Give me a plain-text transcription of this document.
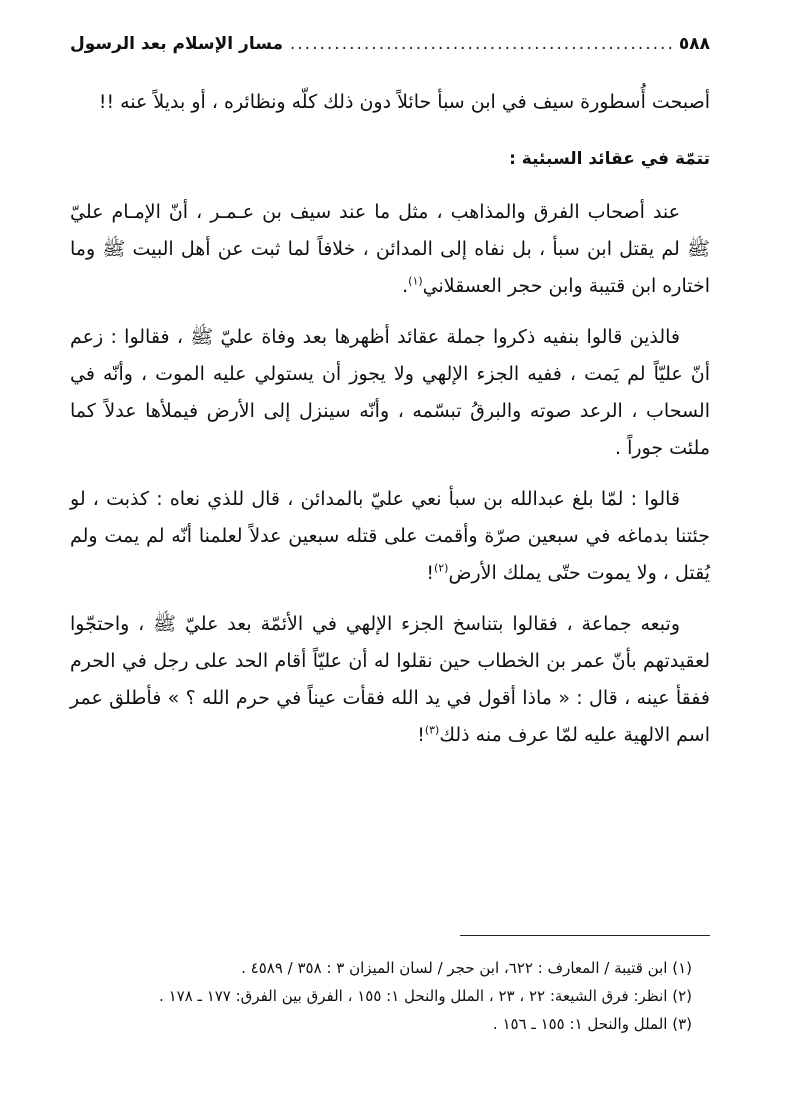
٥٨٨
.....
مسار الإسلام بعد الرسول

أصبحت أُسطورة سيف في ابن سبأ حائلاً دون ذلك كلّه ونظائره ، أو بديلاً عنه !!

تتمّة في عقائد السبئية :

عند أصحاب الفرق والمذاهب ، مثل ما عند سيف بن عـمـر ، أنّ الإمـام عليّ ﷺ لم يقتل ابن سبأ ، بل نفاه إلى المدائن ، خلافاً لما ثبت عن أهل البيت ﷺ وما اختاره ابن قتيبة وابن حجر العسقلاني$^{(١)}$.

فالذين قالوا بنفيه ذكروا جملة عقائد أظهرها بعد وفاة عليّ ﷺ ، فقالوا : زعم أنّ عليّاً لم يَمت ، ففيه الجزء الإلهي ولا يجوز أن يستولي عليه الموت ، وأنّه في السحاب ، الرعد صوته والبرقُ تبسّمه ، وأنّه سينزل إلى الأرض فيملأها عدلاً كما ملئت جوراً .

قالوا : لمّا بلغ عبدالله بن سبأ نعي عليّ بالمدائن ، قال للذي نعاه : كذبت ، لو جئتنا بدماغه في سبعين صرّة وأقمت على قتله سبعين عدلاً لعلمنا أنّه لم يمت ولم يُقتل ، ولا يموت حتّى يملك الأرض$^{(٢)}$!

وتبعه جماعة ، فقالوا بتناسخ الجزء الإلهي في الأئمّة بعد عليّ ﷺ ، واحتجّوا لعقيدتهم بأنّ عمر بن الخطاب حين نقلوا له أن عليّاً أقام الحد على رجل في الحرم ففقأ عينه ، قال : « ماذا أقول في يد الله فقأت عيناً في حرم الله ؟ » فأطلق عمر اسم الالهية عليه لمّا عرف منه ذلك$^{(٣)}$!

(١) ابن قتيبة / المعارف : ٦٢٢، ابن حجر / لسان الميزان ٣ : ٣٥٨ / ٤٥٨٩ .

(٢) انظر: فرق الشيعة: ٢٢ ، ٢٣ ، الملل والنحل ١: ١٥٥ ، الفرق بين الفرق: ١٧٧ ـ ١٧٨ .

(٣) الملل والنحل ١: ١٥٥ ـ ١٥٦ .
